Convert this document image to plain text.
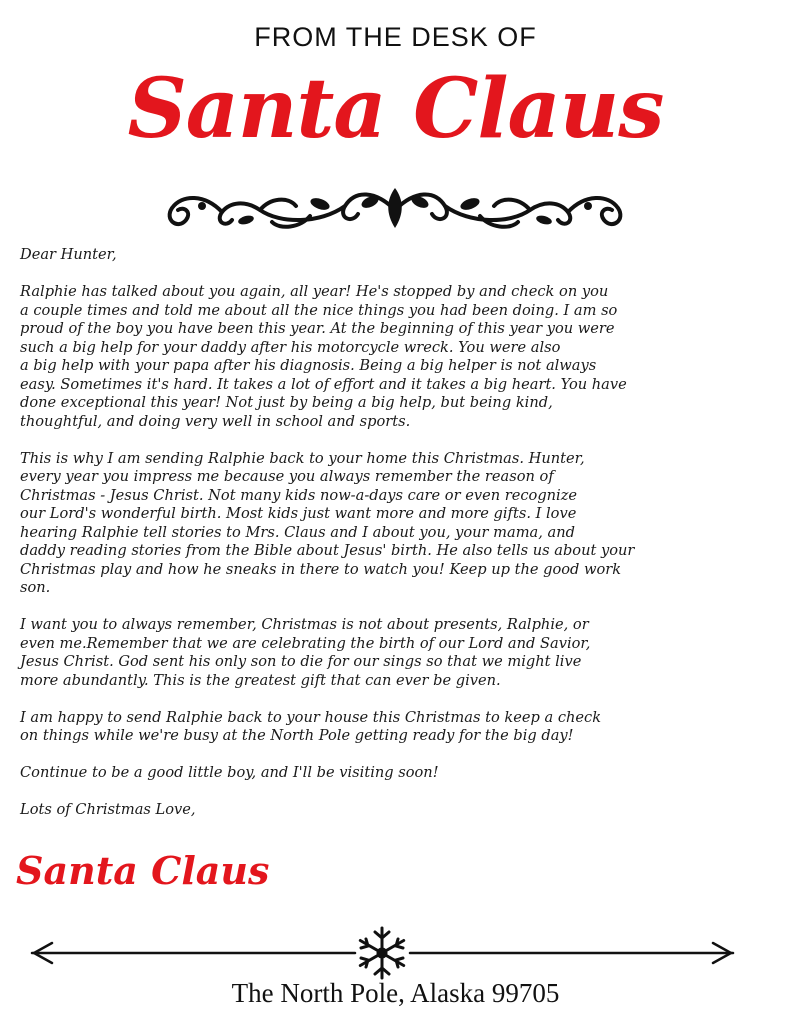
FROM THE DESK OF
Santa Claus

Dear Hunter,

Ralphie has talked about you again, all year! He's stopped by and check on you

a couple times and told me about all the nice things you had been doing. I am so

proud of the boy you have been this year. At the beginning of this year you were

such a big help for your daddy after his motorcycle wreck. You were also

a big help with your papa after his diagnosis. Being a big helper is not always

easy. Sometimes it's hard. It takes a lot of effort and it takes a big heart. You have

done exceptional this year! Not just by being a big help, but being kind,

thoughtful, and doing very well in school and sports.

This is why I am sending Ralphie back to your home this Christmas. Hunter,

every year you impress me because you always remember the reason of

Christmas - Jesus Christ. Not many kids now-a-days care or even recognize

our Lord's wonderful birth. Most kids just want more and more gifts. I love

hearing Ralphie tell stories to Mrs. Claus and I about you, your mama, and

daddy reading stories from the Bible about Jesus' birth. He also tells us about your

Christmas play and how he sneaks in there to watch you! Keep up the good work

son.

I want you to always remember, Christmas is not about presents, Ralphie, or

even me.Remember that we are celebrating the birth of our Lord and Savior,

Jesus Christ. God sent his only son to die for our sings so that we might live

more abundantly. This is the greatest gift that can ever be given.

I am happy to send Ralphie back to your house this Christmas to keep a check

on things while we're busy at the North Pole getting ready for the big day!

Continue to be a good little boy, and I'll be visiting soon!

Lots of Christmas Love,

Santa Claus
The North Pole, Alaska 99705
